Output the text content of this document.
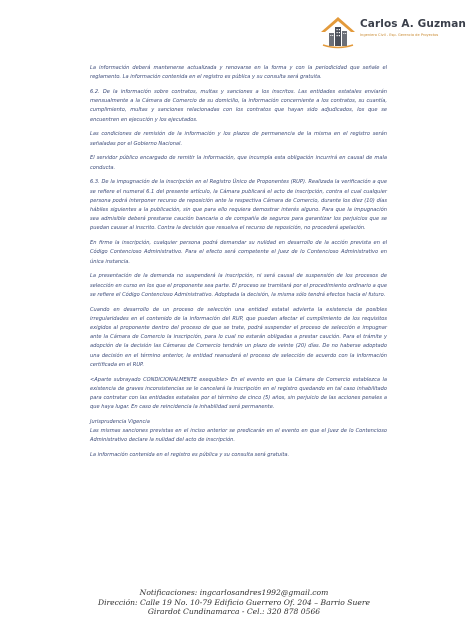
Carlos A. Guzman
Ingeniero Civil - Esp. Gerencia de Proyectos

La información deberá mantenerse actualizada y renovarse en la forma y con la periodicidad que señale el reglamento. La información contenida en el registro es pública y su consulta será gratuita.

6.2. De la información sobre contratos, multas y sanciones a los inscritos. Las entidades estatales enviarán mensualmente a la Cámara de Comercio de su domicilio, la información concerniente a los contratos, su cuantía, cumplimiento, multas y sanciones relacionadas con los contratos que hayan sido adjudicados, los que se encuentren en ejecución y los ejecutados.

Las condiciones de remisión de la información y los plazos de permanencia de la misma en el registro serán señaladas por el Gobierno Nacional.

El servidor público encargado de remitir la información, que incumpla esta obligación incurrirá en causal de mala conducta.

6.3. De la impugnación de la inscripción en el Registro Único de Proponentes (RUP). Realizada la verificación a que se refiere el numeral 6.1 del presente artículo, la Cámara publicará el acto de inscripción, contra el cual cualquier persona podrá interponer recurso de reposición ante la respectiva Cámara de Comercio, durante los diez (10) días hábiles siguientes a la publicación, sin que para ello requiera demostrar interés alguno. Para que la impugnación sea admisible deberá prestarse caución bancaria o de compañía de seguros para garantizar los perjuicios que se puedan causar al inscrito. Contra la decisión que resuelva el recurso de reposición, no procederá apelación.

En firme la inscripción, cualquier persona podrá demandar su nulidad en desarrollo de la acción prevista en el Código Contencioso Administrativo. Para el efecto será competente el Juez de lo Contencioso Administrativo en única instancia.

La presentación de la demanda no suspenderá la inscripción, ni será causal de suspensión de los procesos de selección en curso en los que el proponente sea parte. El proceso se tramitará por el procedimiento ordinario a que se refiere el Código Contencioso Administrativo. Adoptada la decisión, la misma sólo tendrá efectos hacia el futuro.

Cuando en desarrollo de un proceso de selección una entidad estatal advierta la existencia de posibles irregularidades en el contenido de la información del RUP, que puedan afectar el cumplimiento de los requisitos exigidos al proponente dentro del proceso de que se trate, podrá suspender el proceso de selección e impugnar ante la Cámara de Comercio la inscripción, para lo cual no estarán obligadas a prestar caución. Para el trámite y adopción de la decisión las Cámaras de Comercio tendrán un plazo de veinte (20) días. De no haberse adoptado una decisión en el término anterior, la entidad reanudará el proceso de selección de acuerdo con la información certificada en el RUP.

<Aparte subrayado CONDICIONALMENTE exequible> En el evento en que la Cámara de Comercio establezca la existencia de graves inconsistencias se le cancelará la inscripción en el registro quedando en tal caso inhabilitado para contratar con las entidades estatales por el término de cinco (5) años, sin perjuicio de las acciones penales a que haya lugar. En caso de reincidencia la inhabilidad será permanente.

Jurisprudencia Vigencia

Las mismas sanciones previstas en el inciso anterior se predicarán en el evento en que el Juez de lo Contencioso Administrativo declare la nulidad del acto de inscripción.

La información contenida en el registro es pública y su consulta será gratuita.

Notificaciones: ingcarlosandres1992@gmail.com
Dirección: Calle 19 No. 10-79 Edificio Guerrero Of. 204 – Barrio Suere
Girardot Cundinamarca - Cel.: 320 878 0566
